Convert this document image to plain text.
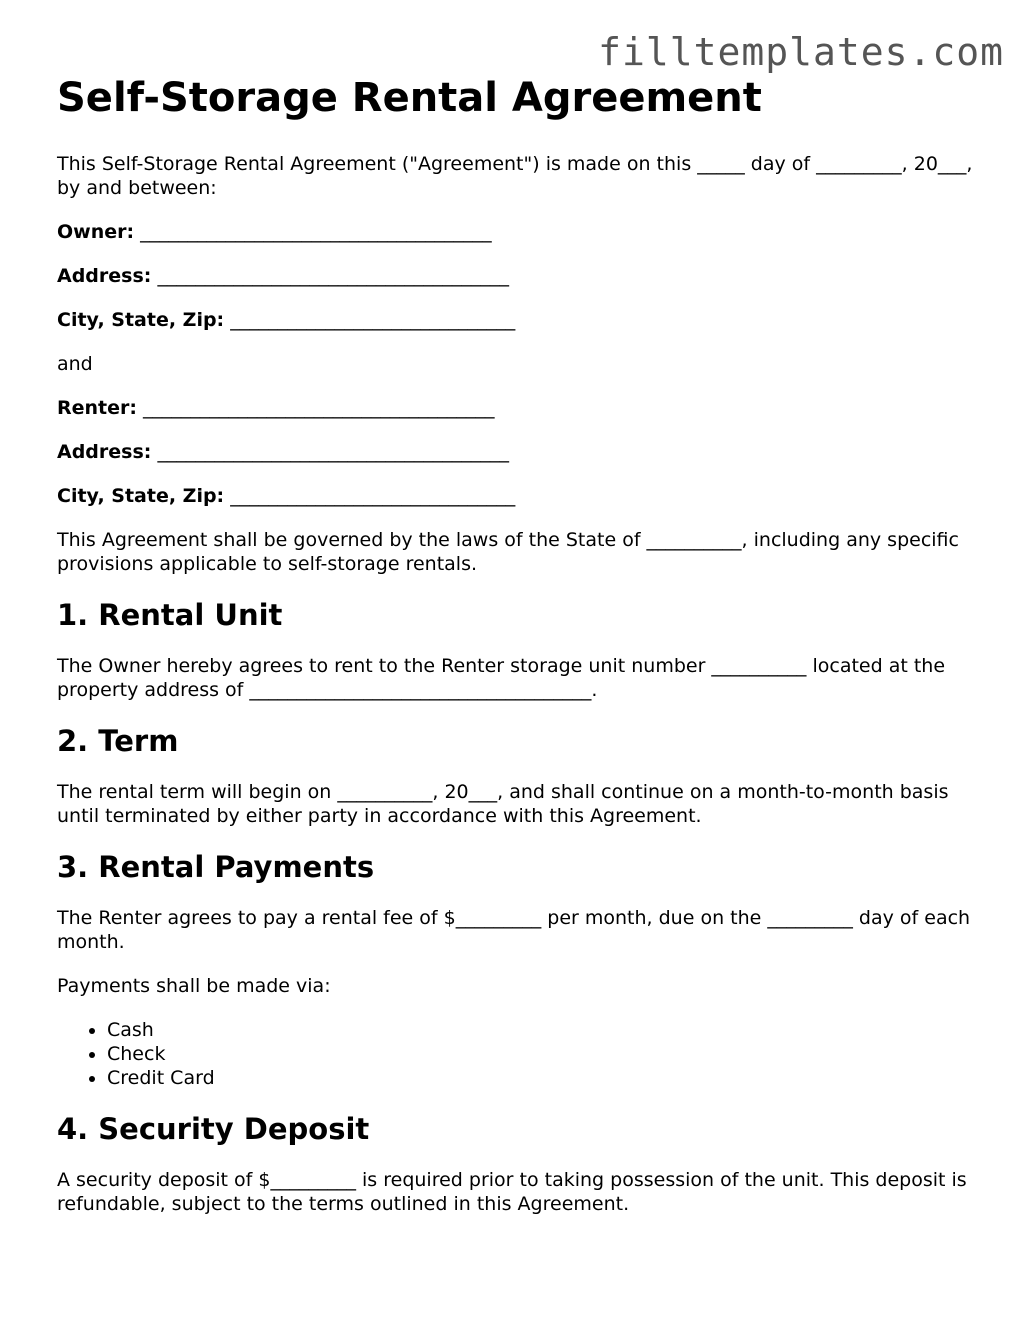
filltemplates.com
Self-Storage Rental Agreement

This Self-Storage Rental Agreement ("Agreement") is made on this _____ day of _________, 20___, by and between:

Owner: _____________________________________

Address: _____________________________________

City, State, Zip: ______________________________

and

Renter: _____________________________________

Address: _____________________________________

City, State, Zip: ______________________________

This Agreement shall be governed by the laws of the State of __________, including any specific provisions applicable to self-storage rentals.

1. Rental Unit

The Owner hereby agrees to rent to the Renter storage unit number __________ located at the property address of ____________________________________.

2. Term

The rental term will begin on __________, 20___, and shall continue on a month-to-month basis until terminated by either party in accordance with this Agreement.

3. Rental Payments

The Renter agrees to pay a rental fee of $_________ per month, due on the _________ day of each month.

Payments shall be made via:

• Cash
• Check
• Credit Card
4. Security Deposit

A security deposit of $_________ is required prior to taking possession of the unit. This deposit is refundable, subject to the terms outlined in this Agreement.
